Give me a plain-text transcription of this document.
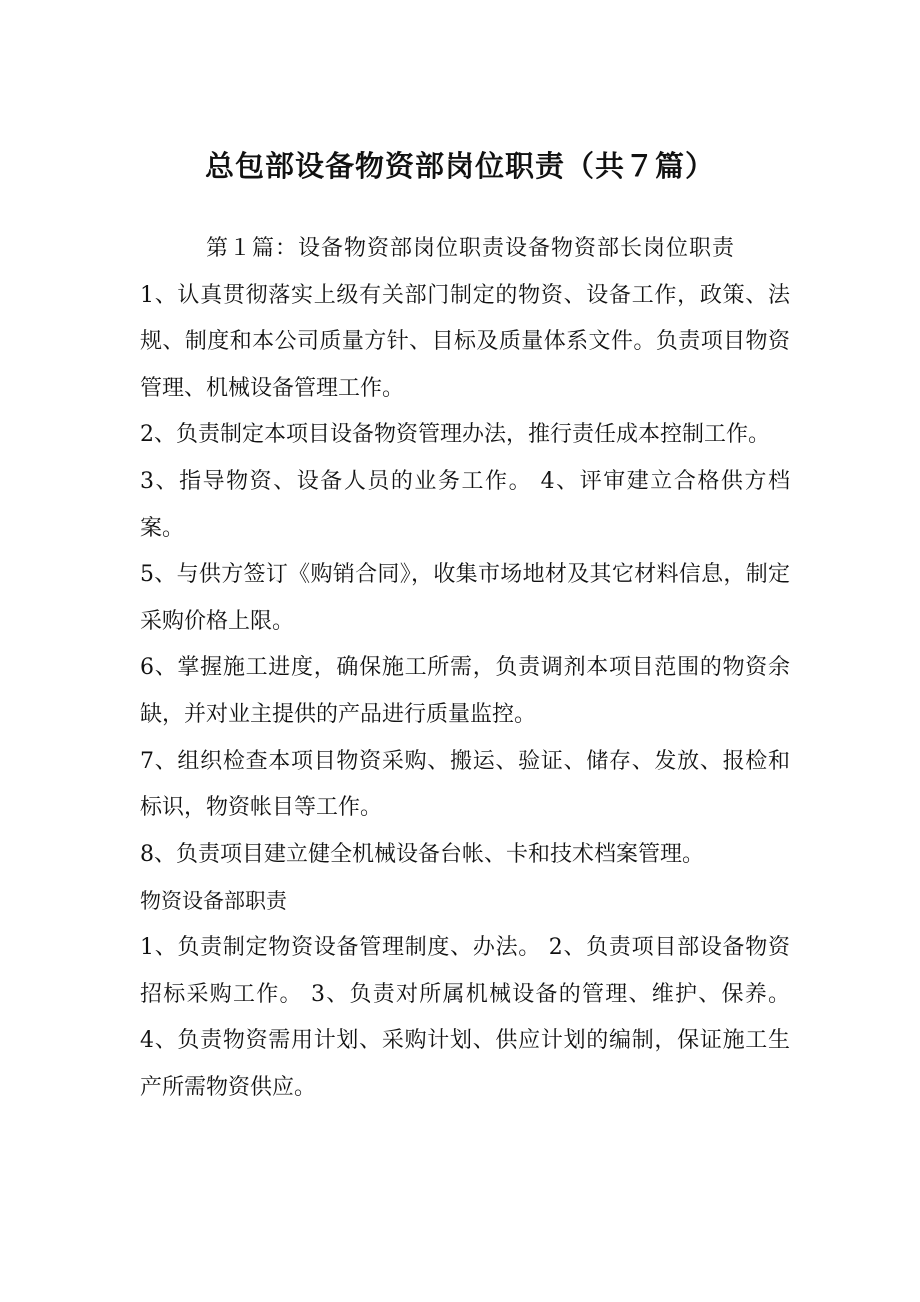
总包部设备物资部岗位职责（共７篇）

第１篇：设备物资部岗位职责设备物资部长岗位职责

1、认真贯彻落实上级有关部门制定的物资、设备工作，政策、法规、制度和本公司质量方针、目标及质量体系文件。负责项目物资管理、机械设备管理工作。

2、负责制定本项目设备物资管理办法，推行责任成本控制工作。

3、指导物资、设备人员的业务工作。 4、评审建立合格供方档案。

5、与供方签订《购销合同》，收集市场地材及其它材料信息，制定采购价格上限。

6、掌握施工进度，确保施工所需，负责调剂本项目范围的物资余缺，并对业主提供的产品进行质量监控。

7、组织检查本项目物资采购、搬运、验证、储存、发放、报检和标识，物资帐目等工作。

8、负责项目建立健全机械设备台帐、卡和技术档案管理。

物资设备部职责

1、负责制定物资设备管理制度、办法。 2、负责项目部设备物资招标采购工作。 3、负责对所属机械设备的管理、维护、保养。 4、负责物资需用计划、采购计划、供应计划的编制，保证施工生产所需物资供应。
